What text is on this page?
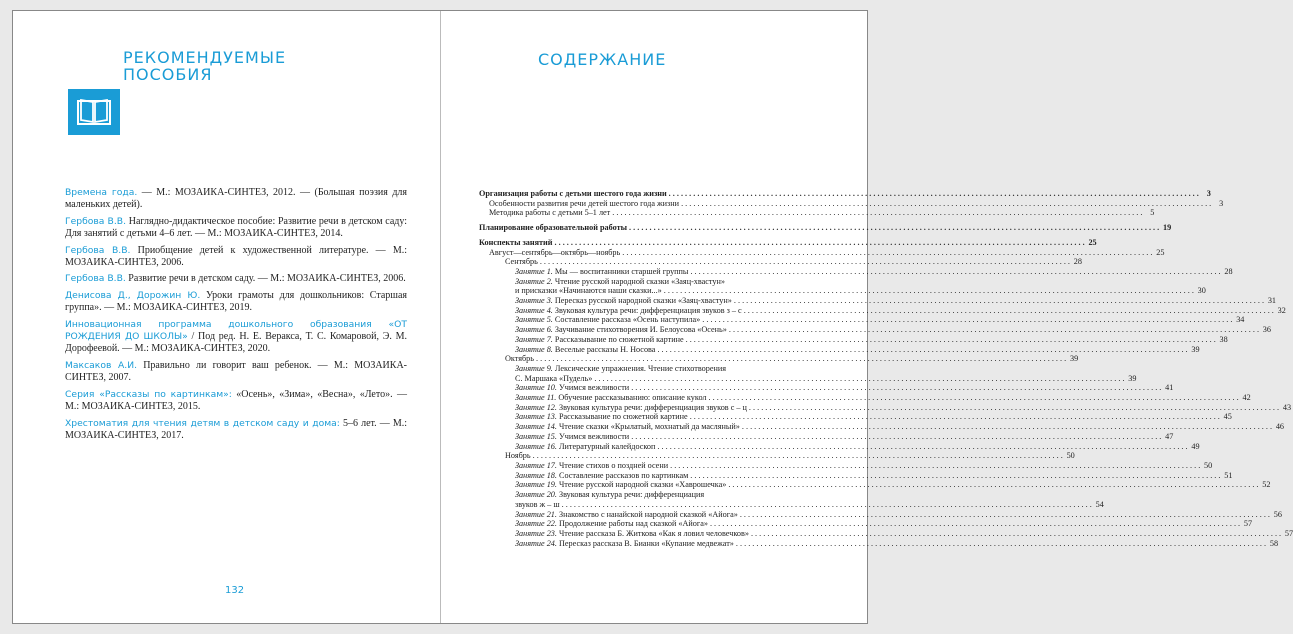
РЕКОМЕНДУЕМЫЕ
ПОСОБИЯ
Времена года. — М.: МОЗАИКА-СИНТЕЗ, 2012. — (Большая поэзия для маленьких детей).
Гербова В.В. Наглядно-дидактическое пособие: Развитие речи в детском саду: Для занятий с детьми 4–6 лет. — М.: МОЗАИКА-СИНТЕЗ, 2014.
Гербова В.В. Приобщение детей к художественной литературе. — М.: МОЗАИКА-СИНТЕЗ, 2006.
Гербова В.В. Развитие речи в детском саду. — М.: МОЗАИКА-СИНТЕЗ, 2006.
Денисова Д., Дорожин Ю. Уроки грамоты для дошкольников: Старшая группа». — М.: МОЗАИКА-СИНТЕЗ, 2019.
Инновационная программа дошкольного образования «ОТ РОЖДЕНИЯ ДО ШКОЛЫ» / Под ред. Н. Е. Веракса, Т. С. Комаровой, Э. М. Дорофеевой. — М.: МОЗАИКА-СИНТЕЗ, 2020.
Максаков А.И. Правильно ли говорит ваш ребенок. — М.: МОЗАИКА-СИНТЕЗ, 2007.
Серия «Рассказы по картинкам»: «Осень», «Зима», «Весна», «Лето». — М.: МОЗАИКА-СИНТЕЗ, 2015.
Хрестоматия для чтения детям в детском саду и дома: 5–6 лет. — М.: МОЗАИКА-СИНТЕЗ, 2017.
132
СОДЕРЖАНИЕ
Организация работы с детьми шестого года жизни . . .	3
Особенности развития речи детей шестого года жизни . . .	3
Методика работы с детьми 5–1 лет . . .	5
Планирование образовательной работы . . .	19
Конспекты занятий . . .	25
Август—сентябрь—октябрь—ноябрь . . .	25
Сентябрь . . .	28
Занятие 1. Мы — воспитанники старшей группы . . .	28
Занятие 2. Чтение русской народной сказки «Заяц-хвастун»
и присказки «Начинаются наши сказки...» . . .	30
Занятие 3. Пересказ русской народной сказки «Заяц-хвастун» . . .	31
Занятие 4. Звуковая культура речи: дифференциация звуков з – с . . .	32
Занятие 5. Составление рассказа «Осень наступила» . . .	34
Занятие 6. Заучивание стихотворения И. Белоусова «Осень» . . .	36
Занятие 7. Рассказывание по сюжетной картине . . .	38
Занятие 8. Веселые рассказы Н. Носова . . .	39
Октябрь . . .	39
Занятие 9. Лексические упражнения. Чтение стихотворения
С. Маршака «Пудель» . . .	39
Занятие 10. Учимся вежливости . . .	41
Занятие 11. Обучение рассказыванию: описание кукол . . .	42
Занятие 12. Звуковая культура речи: дифференциация звуков с – ц . . .	43
Занятие 13. Рассказывание по сюжетной картине . . .	45
Занятие 14. Чтение сказки «Крылатый, мохнатый да масляный» . . .	46
Занятие 15. Учимся вежливости . . .	47
Занятие 16. Литературный калейдоскоп . . .	49
Ноябрь . . .	50
Занятие 17. Чтение стихов о поздней осени . . .	50
Занятие 18. Составление рассказов по картинкам . . .	51
Занятие 19. Чтение русской народной сказки «Хаврошечка» . . .	52
Занятие 20. Звуковая культура речи: дифференциация
звуков ж – ш . . .	54
Занятие 21. Знакомство с нанайской народной сказкой «Айога» . . .	56
Занятие 22. Продолжение работы над сказкой «Айога» . . .	57
Занятие 23. Чтение рассказа Б. Житкова «Как я ловил человечков» . . .	57
Занятие 24. Пересказ рассказа В. Бианки «Купание медвежат» . . .	58
